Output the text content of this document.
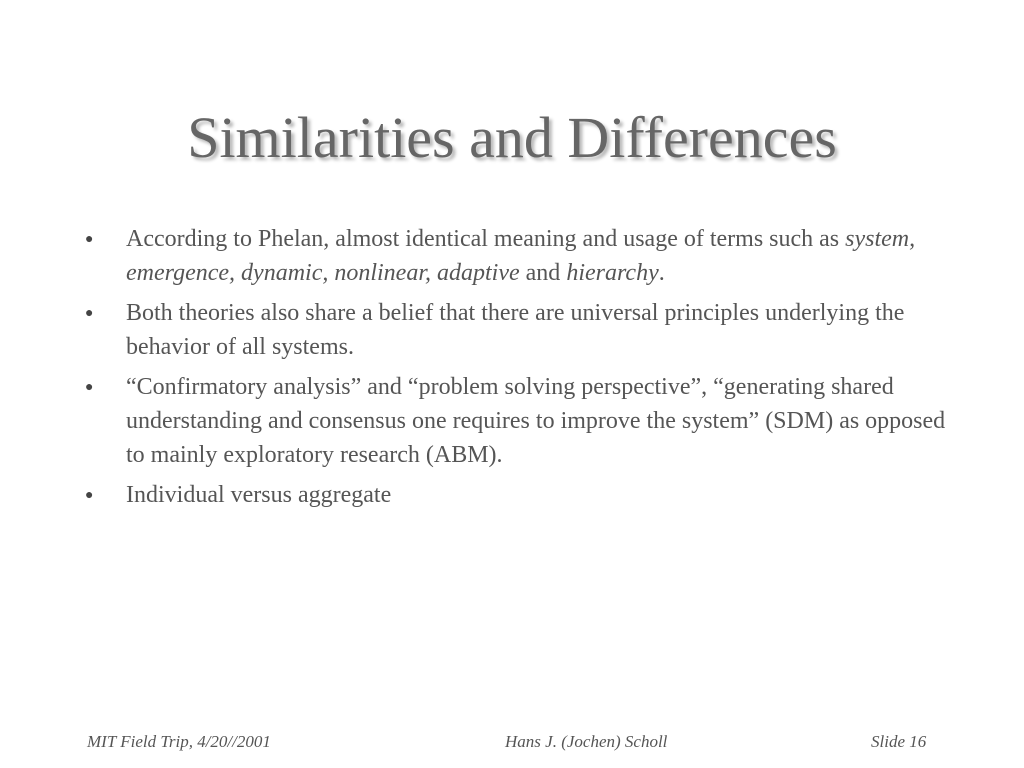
Similarities and Differences
● According to Phelan, almost identical meaning and usage of terms such as system, emergence, dynamic, nonlinear, adaptive and hierarchy.
● Both theories also share a belief that there are universal principles underlying the behavior of all systems.
● “Confirmatory analysis” and “problem solving perspective”, “generating shared understanding and consensus one requires to improve the system” (SDM) as opposed to mainly exploratory research (ABM).
● Individual versus aggregate
MIT Field Trip, 4/20//2001	Hans J. (Jochen) Scholl	Slide 16
